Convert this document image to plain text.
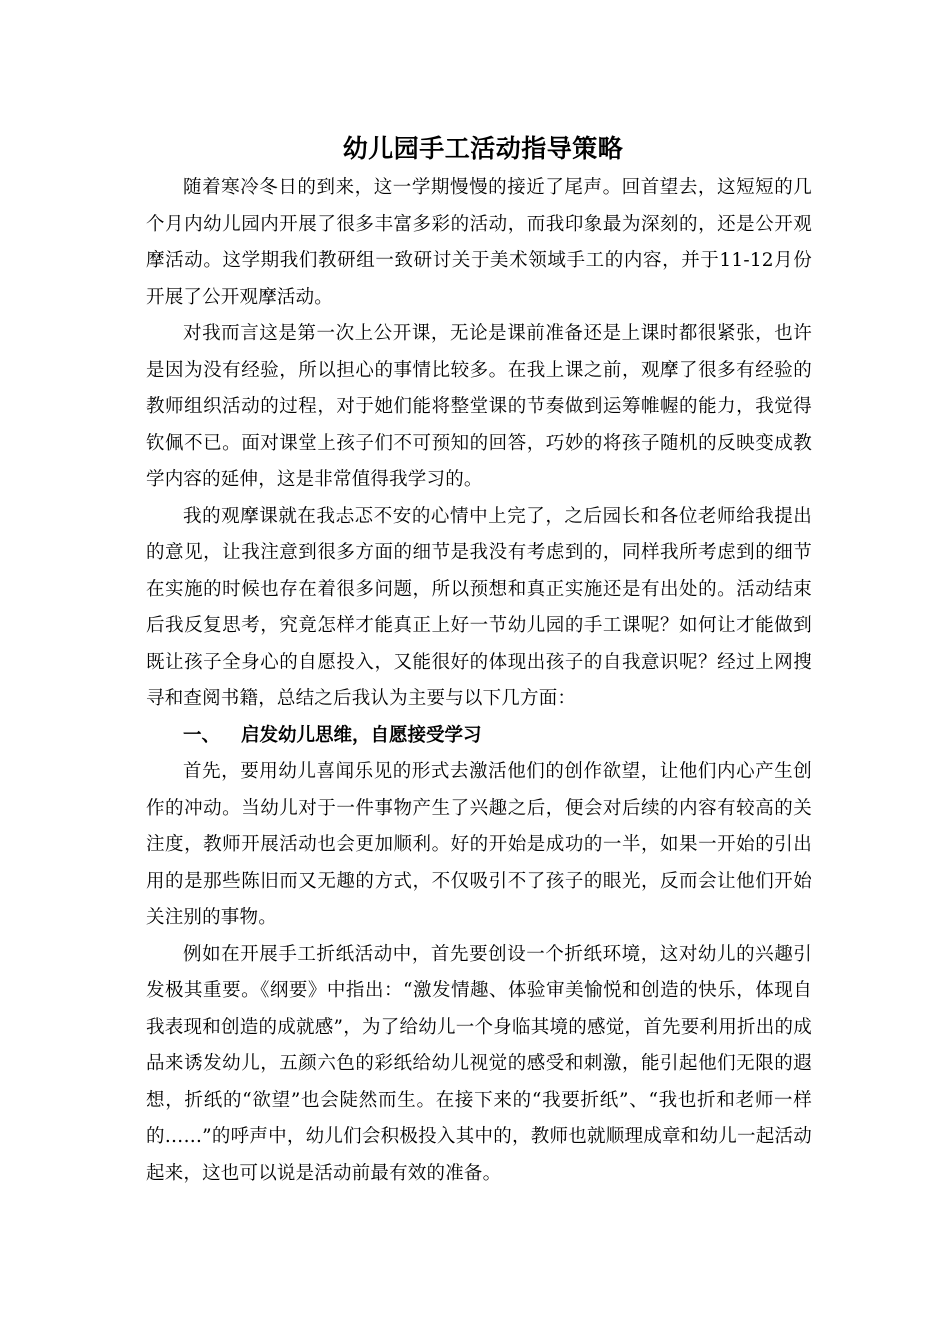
幼儿园手工活动指导策略

随着寒冷冬日的到来，这一学期慢慢的接近了尾声。回首望去，这短短的几个月内幼儿园内开展了很多丰富多彩的活动，而我印象最为深刻的，还是公开观摩活动。这学期我们教研组一致研讨关于美术领域手工的内容，并于11-12月份开展了公开观摩活动。

对我而言这是第一次上公开课，无论是课前准备还是上课时都很紧张，也许是因为没有经验，所以担心的事情比较多。在我上课之前，观摩了很多有经验的教师组织活动的过程，对于她们能将整堂课的节奏做到运筹帷幄的能力，我觉得钦佩不已。面对课堂上孩子们不可预知的回答，巧妙的将孩子随机的反映变成教学内容的延伸，这是非常值得我学习的。

我的观摩课就在我忐忑不安的心情中上完了，之后园长和各位老师给我提出的意见，让我注意到很多方面的细节是我没有考虑到的，同样我所考虑到的细节在实施的时候也存在着很多问题，所以预想和真正实施还是有出处的。活动结束后我反复思考，究竟怎样才能真正上好一节幼儿园的手工课呢？如何让才能做到既让孩子全身心的自愿投入，又能很好的体现出孩子的自我意识呢？经过上网搜寻和查阅书籍，总结之后我认为主要与以下几方面：

一、 启发幼儿思维，自愿接受学习

首先，要用幼儿喜闻乐见的形式去激活他们的创作欲望，让他们内心产生创作的冲动。当幼儿对于一件事物产生了兴趣之后，便会对后续的内容有较高的关注度，教师开展活动也会更加顺利。好的开始是成功的一半，如果一开始的引出用的是那些陈旧而又无趣的方式，不仅吸引不了孩子的眼光，反而会让他们开始关注别的事物。

例如在开展手工折纸活动中，首先要创设一个折纸环境，这对幼儿的兴趣引发极其重要。《纲要》中指出：“激发情趣、体验审美愉悦和创造的快乐，体现自我表现和创造的成就感”，为了给幼儿一个身临其境的感觉，首先要利用折出的成品来诱发幼儿，五颜六色的彩纸给幼儿视觉的感受和刺激，能引起他们无限的遐想，折纸的“欲望”也会陡然而生。在接下来的“我要折纸”、“我也折和老师一样的……”的呼声中，幼儿们会积极投入其中的，教师也就顺理成章和幼儿一起活动起来，这也可以说是活动前最有效的准备。
